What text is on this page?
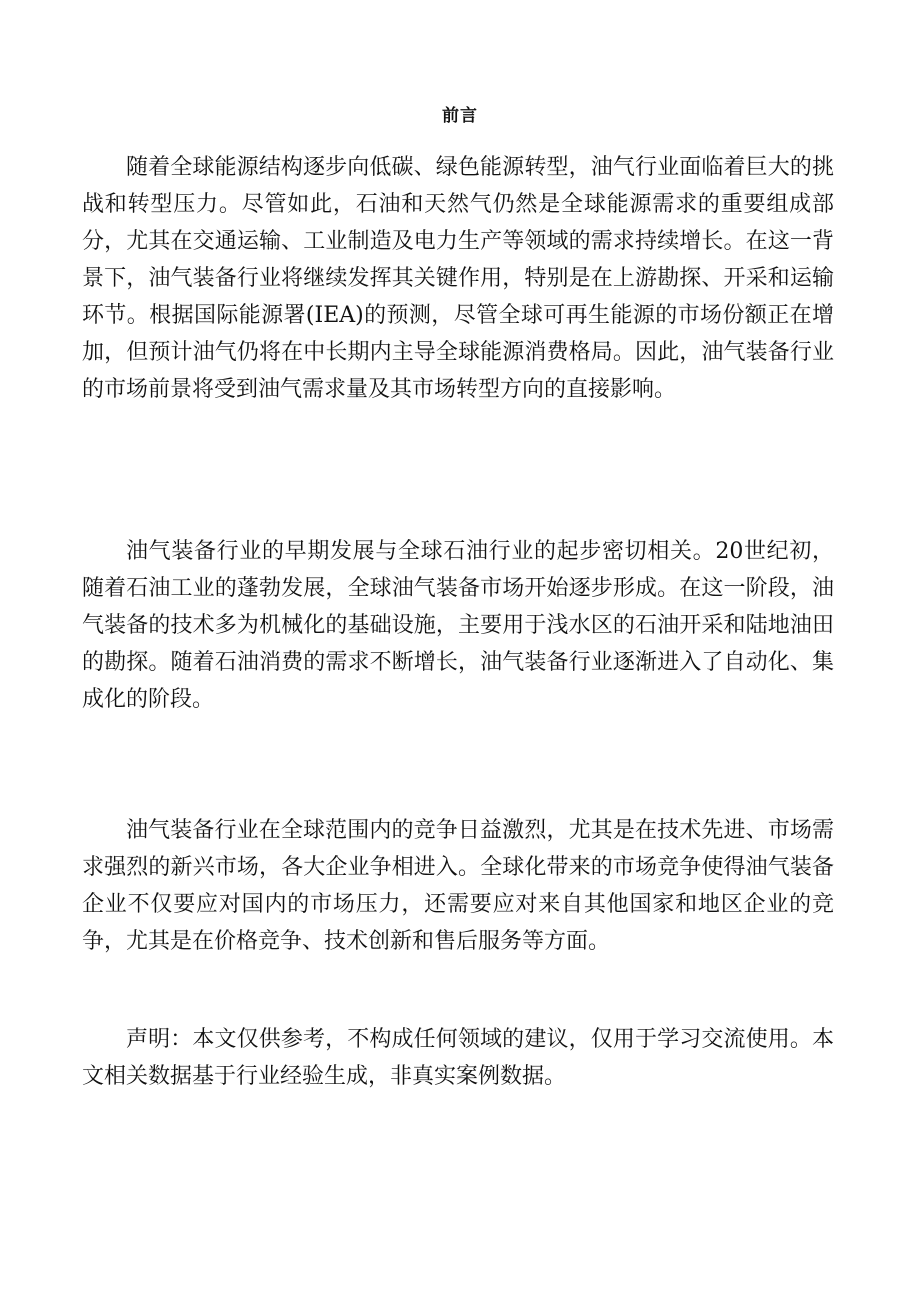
前言

随着全球能源结构逐步向低碳、绿色能源转型，油气行业面临着巨大的挑战和转型压力。尽管如此，石油和天然气仍然是全球能源需求的重要组成部分，尤其在交通运输、工业制造及电力生产等领域的需求持续增长。在这一背景下，油气装备行业将继续发挥其关键作用，特别是在上游勘探、开采和运输环节。根据国际能源署(IEA)的预测，尽管全球可再生能源的市场份额正在增加，但预计油气仍将在中长期内主导全球能源消费格局。因此，油气装备行业的市场前景将受到油气需求量及其市场转型方向的直接影响。

油气装备行业的早期发展与全球石油行业的起步密切相关。20世纪初，随着石油工业的蓬勃发展，全球油气装备市场开始逐步形成。在这一阶段，油气装备的技术多为机械化的基础设施，主要用于浅水区的石油开采和陆地油田的勘探。随着石油消费的需求不断增长，油气装备行业逐渐进入了自动化、集成化的阶段。

油气装备行业在全球范围内的竞争日益激烈，尤其是在技术先进、市场需求强烈的新兴市场，各大企业争相进入。全球化带来的市场竞争使得油气装备企业不仅要应对国内的市场压力，还需要应对来自其他国家和地区企业的竞争，尤其是在价格竞争、技术创新和售后服务等方面。

声明：本文仅供参考，不构成任何领域的建议，仅用于学习交流使用。本文相关数据基于行业经验生成，非真实案例数据。
